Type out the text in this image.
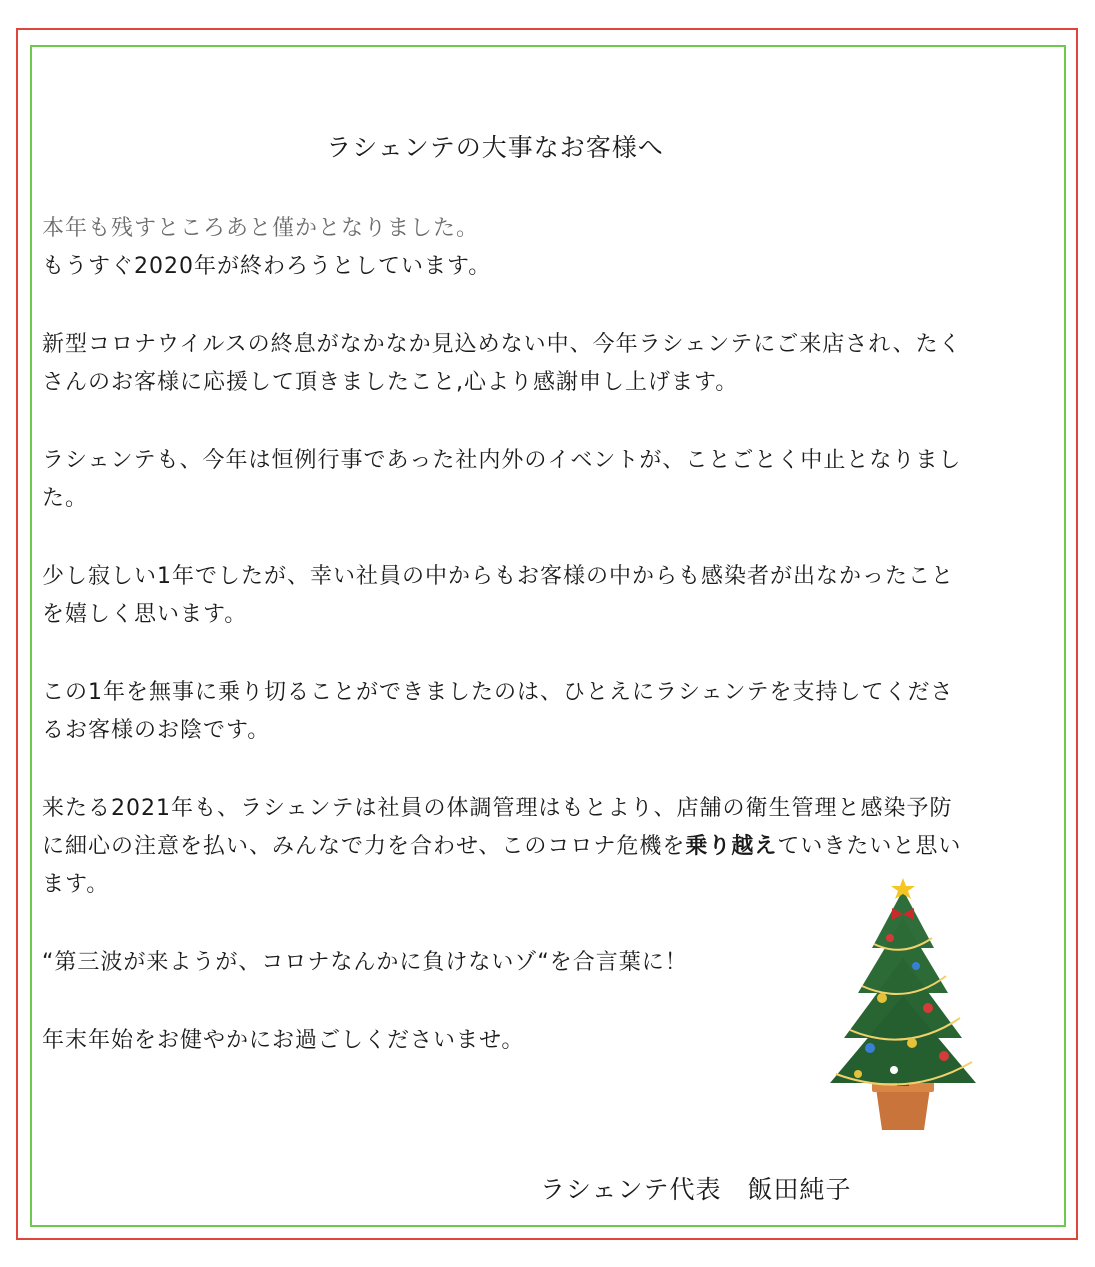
ラシェンテの大事なお客様へ

本年も残すところあと僅かとなりました。
もうすぐ2020年が終わろうとしています。

新型コロナウイルスの終息がなかなか見込めない中、今年ラシェンテにご来店され、たくさんのお客様に応援して頂きましたこと,心より感謝申し上げます。

ラシェンテも、今年は恒例行事であった社内外のイベントが、ことごとく中止となりました。

少し寂しい1年でしたが、幸い社員の中からもお客様の中からも感染者が出なかったことを嬉しく思います。

この1年を無事に乗り切ることができましたのは、ひとえにラシェンテを支持してくださるお客様のお陰です。

来たる2021年も、ラシェンテは社員の体調管理はもとより、店舗の衛生管理と感染予防に細心の注意を払い、みんなで力を合わせ、このコロナ危機を乗り越えていきたいと思います。

“第三波が来ようが、コロナなんかに負けないゾ“を合言葉に！

年末年始をお健やかにお過ごしくださいませ。

ラシェンテ代表　飯田純子
